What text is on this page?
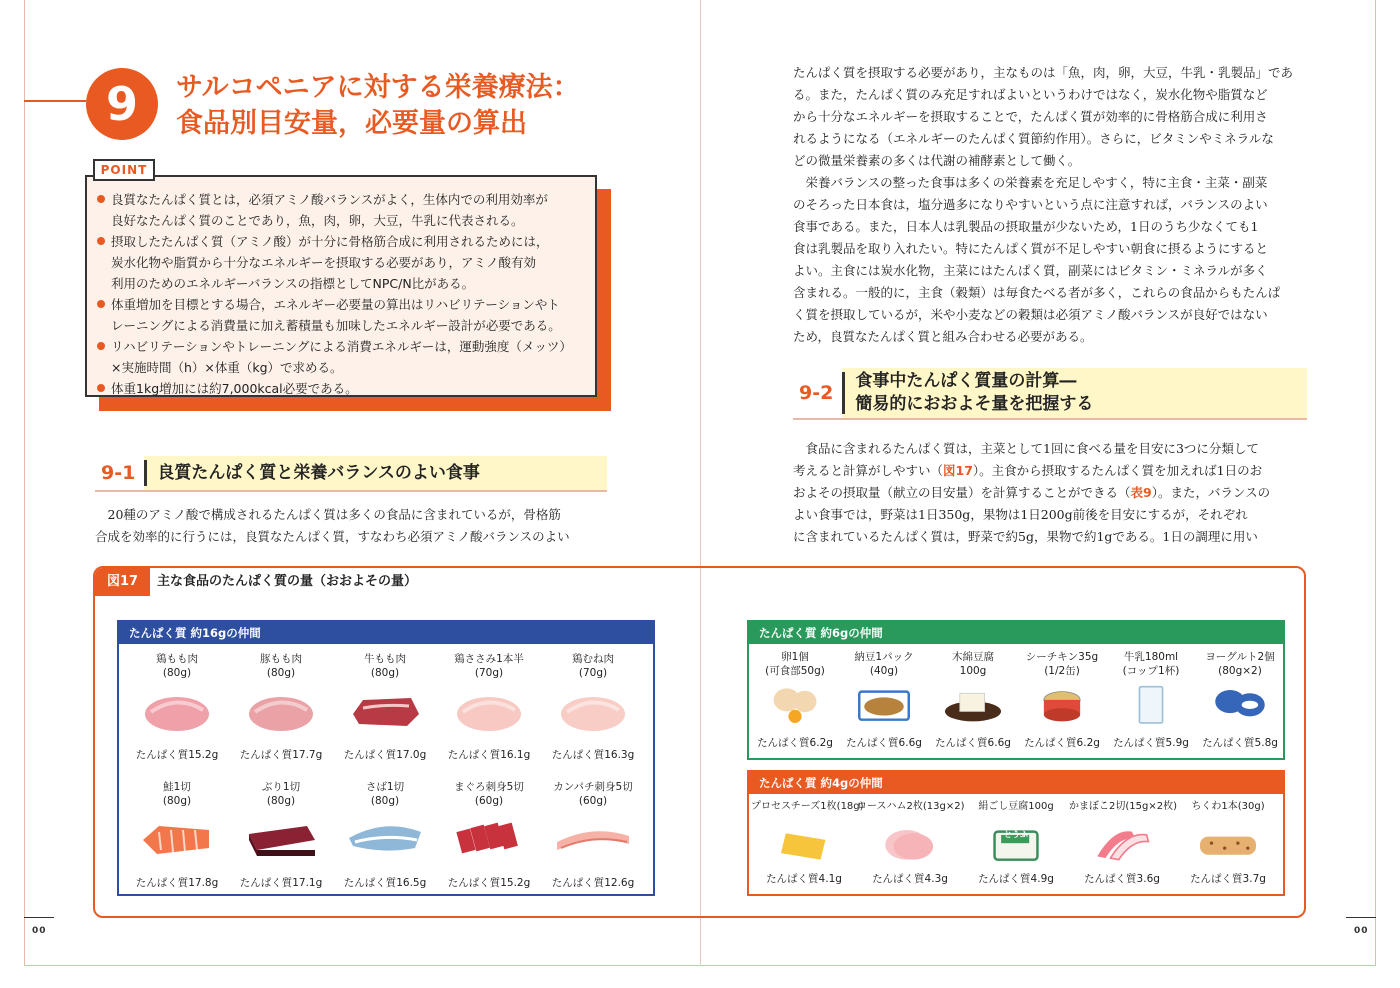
9	サルコペニアに対する栄養療法：
食品別目安量，必要量の算出
POINT
良質なたんぱく質とは，必須アミノ酸バランスがよく，生体内での利用効率が
良好なたんぱく質のことであり，魚，肉，卵，大豆，牛乳に代表される。
摂取したたんぱく質（アミノ酸）が十分に骨格筋合成に利用されるためには，
炭水化物や脂質から十分なエネルギーを摂取する必要があり，アミノ酸有効
利用のためのエネルギーバランスの指標としてNPC/N比がある。
体重増加を目標とする場合，エネルギー必要量の算出はリハビリテーションやト
レーニングによる消費量に加え蓄積量も加味したエネルギー設計が必要である。
リハビリテーションやトレーニングによる消費エネルギーは，運動強度（メッツ）
×実施時間（h）×体重（kg）で求める。
体重1kg増加には約7,000kcal必要である。
9-1	良質たんぱく質と栄養バランスのよい食事

　20種のアミノ酸で構成されるたんぱく質は多くの食品に含まれているが，骨格筋

合成を効率的に行うには，良質なたんぱく質，すなわち必須アミノ酸バランスのよい

たんぱく質を摂取する必要があり，主なものは「魚，肉，卵，大豆，牛乳・乳製品」であ

る。また，たんぱく質のみ充足すればよいというわけではなく，炭水化物や脂質など

から十分なエネルギーを摂取することで，たんぱく質が効率的に骨格筋合成に利用さ

れるようになる（エネルギーのたんぱく質節約作用）。さらに，ビタミンやミネラルな

どの微量栄養素の多くは代謝の補酵素として働く。

　栄養バランスの整った食事は多くの栄養素を充足しやすく，特に主食・主菜・副菜

のそろった日本食は，塩分過多になりやすいという点に注意すれば，バランスのよい

食事である。また，日本人は乳製品の摂取量が少ないため，1日のうち少なくても1

食は乳製品を取り入れたい。特にたんぱく質が不足しやすい朝食に摂るようにすると

よい。主食には炭水化物，主菜にはたんぱく質，副菜にはビタミン・ミネラルが多く

含まれる。一般的に，主食（穀類）は毎食たべる者が多く，これらの食品からもたんぱ

く質を摂取しているが，米や小麦などの穀類は必須アミノ酸バランスが良好ではない

ため，良質なたんぱく質と組み合わせる必要がある。

9-2
食事中たんぱく質量の計算―
簡易的におおよそ量を把握する

　食品に含まれるたんぱく質は，主菜として1回に食べる量を目安に3つに分類して

考えると計算がしやすい（図17）。主食から摂取するたんぱく質を加えれば1日のお

およその摂取量（献立の目安量）を計算することができる（表9）。また，バランスの

よい食事では，野菜は1日350g，果物は1日200g前後を目安にするが，それぞれ

に含まれているたんぱく質は，野菜で約5g，果物で約1gである。1日の調理に用い

図17	主な食品のたんぱく質の量（おおよその量）
たんぱく質 約16gの仲間
鶏もも肉
(80g)
たんぱく質15.2g
豚もも肉
(80g)
たんぱく質17.7g
牛もも肉
(80g)
たんぱく質17.0g
鶏ささみ1本半
(70g)
たんぱく質16.1g
鶏むね肉
(70g)
たんぱく質16.3g
鮭1切
(80g)
たんぱく質17.8g
ぶり1切
(80g)
たんぱく質17.1g
さば1切
(80g)
たんぱく質16.5g
まぐろ刺身5切
(60g)
たんぱく質15.2g
カンパチ刺身5切
(60g)
たんぱく質12.6g
たんぱく質 約6gの仲間
卵1個
(可食部50g)
たんぱく質6.2g
納豆1パック
(40g)
たんぱく質6.6g
木綿豆腐
100g
たんぱく質6.6g
シーチキン35g
(1/2缶)
たんぱく質6.2g
牛乳180ml
(コップ1杯)
たんぱく質5.9g
ヨーグルト2個
(80g×2)
たんぱく質5.8g
たんぱく質 約4gの仲間
プロセスチーズ1枚(18g)
たんぱく質4.1g
ロースハム2枚(13g×2)
たんぱく質4.3g
絹ごし豆腐100g
とうふ
たんぱく質4.9g
かまぼこ2切(15g×2枚)
たんぱく質3.6g
ちくわ1本(30g)
たんぱく質3.7g
00	00
